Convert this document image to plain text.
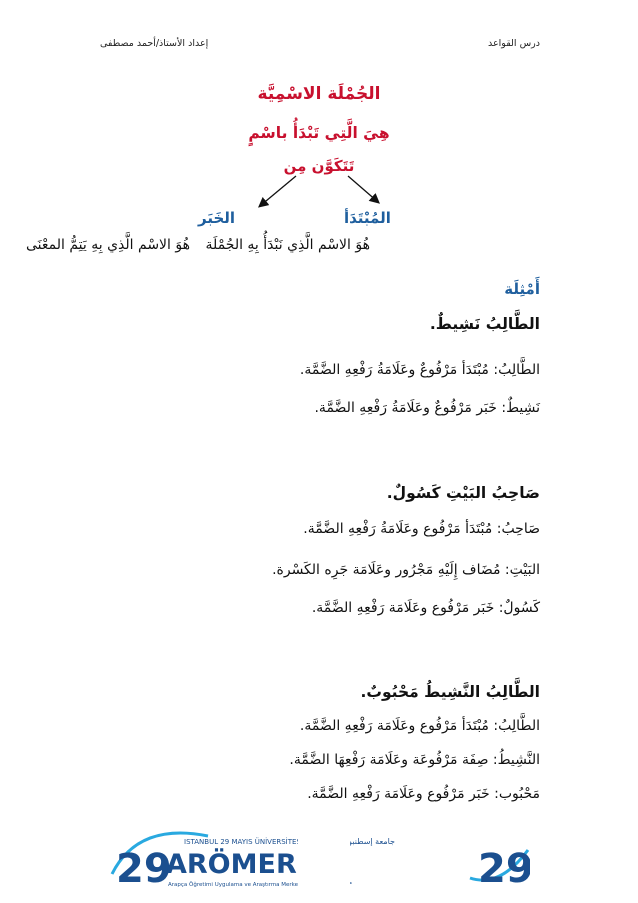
إعداد الأستاذ/أحمد مصطفى	درس القواعد
الجُمْلَة الاسْمِيَّة
هِيَ الَّتِي تَبْدَأُ باسْمٍ
تَتَكَوَّن مِن
المُبْتَدَأ
الخَبَر
هُوَ الاسْم الَّذِي نَبْدَأُ بِهِ الجُمْلَة
هُوَ الاسْم الَّذِي بِهِ يَتِمُّ المعْنَى
أَمْثِلَة
الطَّالِبُ نَشِيطٌ.
الطَّالِبُ: مُبْتَدَأ مَرْفُوعٌ وعَلَامَةُ رَفْعِهِ الضَّمَّة.
نَشِيطٌ: خَبَر مَرْفُوعٌ وعَلَامَةُ رَفْعِهِ الضَّمَّة.
صَاحِبُ البَيْتِ كَسُولٌ.
صَاحِبُ: مُبْتَدَأ مَرْفُوع وعَلَامَةُ رَفْعِهِ الضَّمَّة.
البَيْتِ: مُضَاف إِلَيْهِ مَجْرُور وعَلَامَة جَرِه الكَسْرة.
كَسُولٌ: خَبَر مَرْفُوع وعَلَامَة رَفْعِهِ الضَّمَّة.
الطَّالِبُ النَّشِيطُ مَحْبُوبٌ.
الطَّالِبُ: مُبْتَدَأ مَرْفُوع وعَلَامَة رَفْعِهِ الضَّمَّة.
النَّشِيطُ: صِفَة مَرْفُوعَة وعَلَامَة رَفْعِهَا الضَّمَّة.
مَحْبُوب: خَبَر مَرْفُوع وعَلَامَة رَفْعِهِ الضَّمَّة.
29
ISTANBUL 29 MAYIS ÜNİVERSİTESİ
ARÖMER
Arapça Öğretimi Uygulama ve Araştırma Merkezi
جامعة إسطنبو
م	29
